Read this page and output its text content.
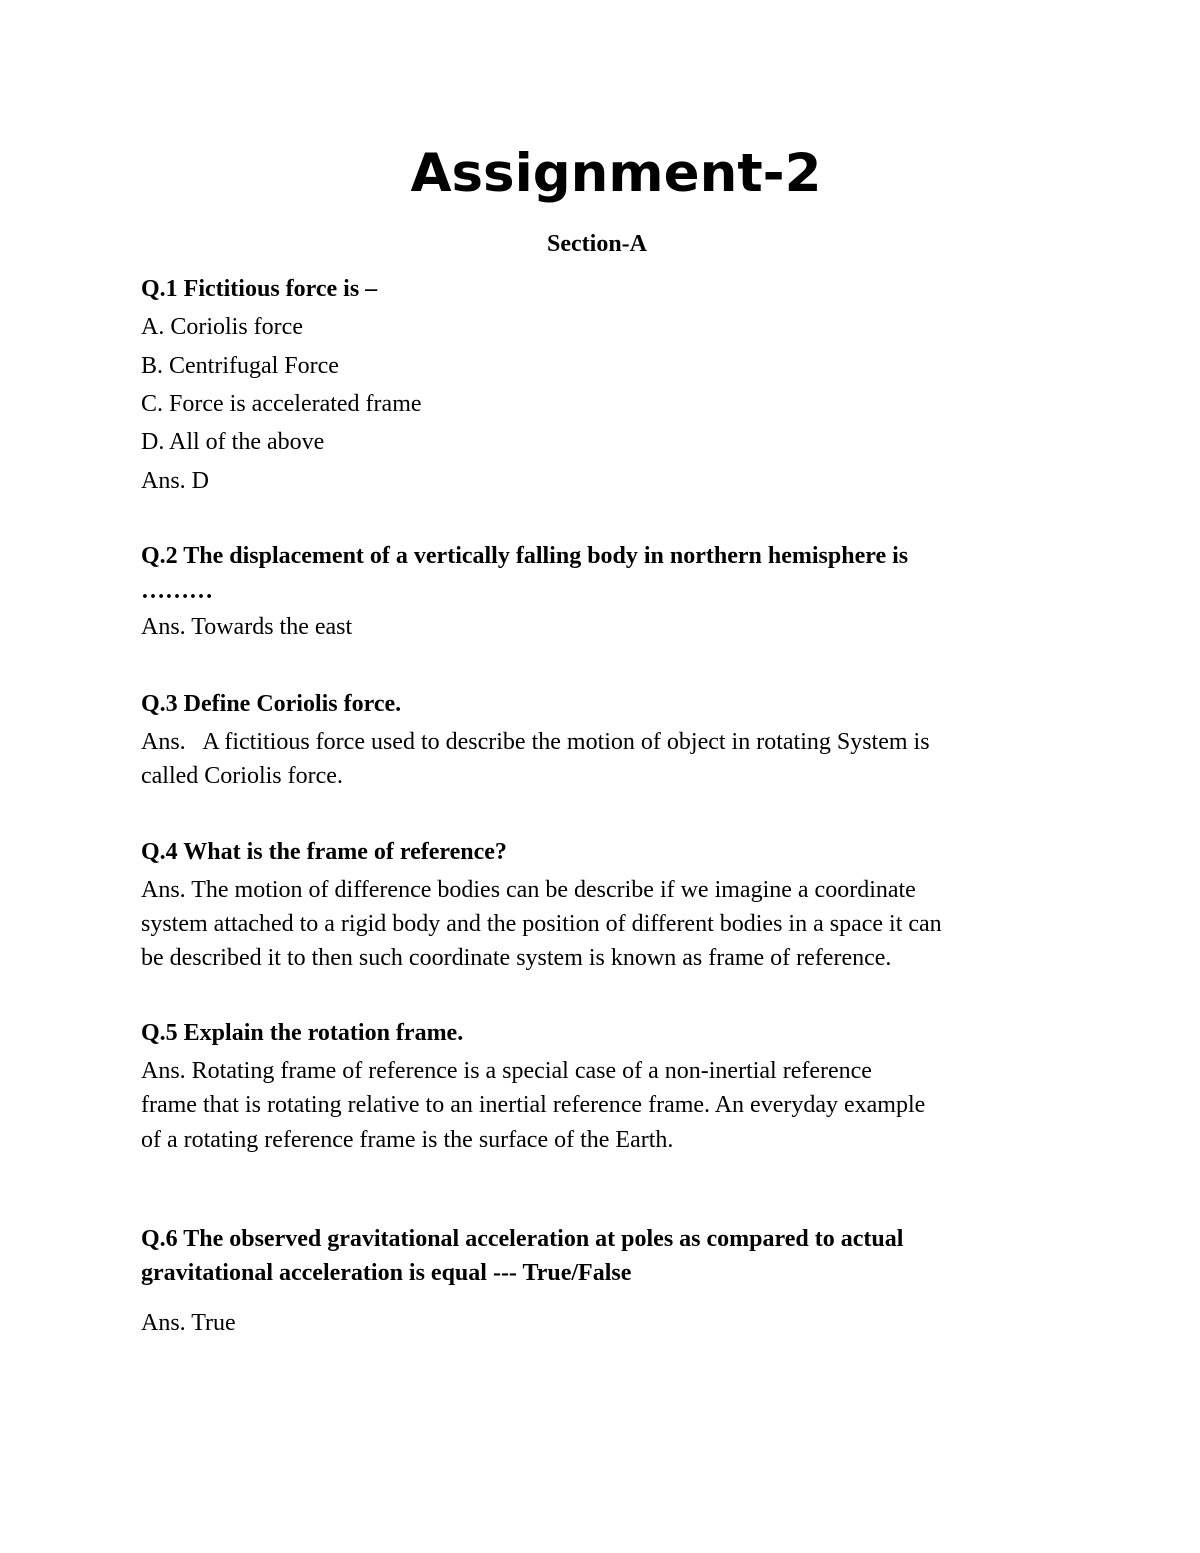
Assignment-2
Section-A
Q.1 Fictitious force is –
A. Coriolis force
B. Centrifugal Force
C. Force is accelerated frame
D. All of the above
Ans. D
Q.2 The displacement of a vertically falling body in northern hemisphere is
………
Ans. Towards the east
Q.3 Define Coriolis force.
Ans.   A fictitious force used to describe the motion of object in rotating System is
called Coriolis force.
Q.4 What is the frame of reference?
Ans. The motion of difference bodies can be describe if we imagine a coordinate
system attached to a rigid body and the position of different bodies in a space it can
be described it to then such coordinate system is known as frame of reference.
Q.5 Explain the rotation frame.
Ans. Rotating frame of reference is a special case of a non-inertial reference
frame that is rotating relative to an inertial reference frame. An everyday example
of a rotating reference frame is the surface of the Earth.
Q.6 The observed gravitational acceleration at poles as compared to actual
gravitational acceleration is equal --- True/False
Ans. True
